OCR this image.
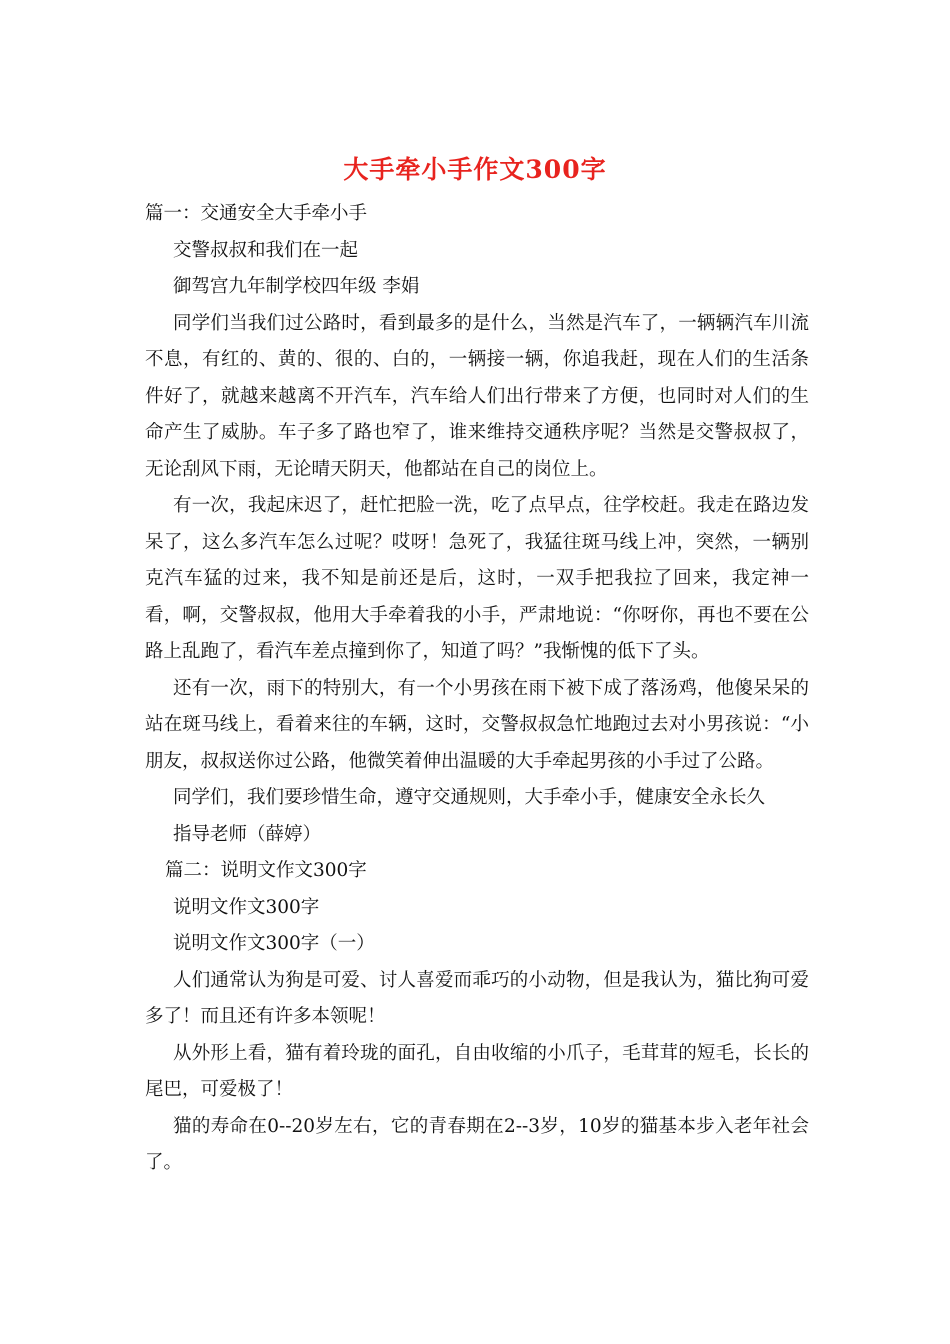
大手牵小手作文300字

篇一：交通安全大手牵小手

交警叔叔和我们在一起

御驾宫九年制学校四年级 李娟

同学们当我们过公路时，看到最多的是什么，当然是汽车了，一辆辆汽车川流不息，有红的、黄的、很的、白的，一辆接一辆，你追我赶，现在人们的生活条件好了，就越来越离不开汽车，汽车给人们出行带来了方便，也同时对人们的生命产生了威胁。车子多了路也窄了，谁来维持交通秩序呢？当然是交警叔叔了，无论刮风下雨，无论晴天阴天，他都站在自己的岗位上。

有一次，我起床迟了，赶忙把脸一洗，吃了点早点，往学校赶。我走在路边发呆了，这么多汽车怎么过呢？哎呀！急死了，我猛往斑马线上冲，突然，一辆别克汽车猛的过来，我不知是前还是后，这时，一双手把我拉了回来，我定神一看，啊，交警叔叔，他用大手牵着我的小手，严肃地说：“你呀你，再也不要在公路上乱跑了，看汽车差点撞到你了，知道了吗？”我惭愧的低下了头。

还有一次，雨下的特别大，有一个小男孩在雨下被下成了落汤鸡，他傻呆呆的站在斑马线上，看着来往的车辆，这时，交警叔叔急忙地跑过去对小男孩说：“小朋友，叔叔送你过公路，他微笑着伸出温暖的大手牵起男孩的小手过了公路。

同学们，我们要珍惜生命，遵守交通规则，大手牵小手，健康安全永长久

指导老师（薛婷）

篇二：说明文作文300字

说明文作文300字

说明文作文300字（一）

人们通常认为狗是可爱、讨人喜爱而乖巧的小动物，但是我认为，猫比狗可爱多了！而且还有许多本领呢！

从外形上看，猫有着玲珑的面孔，自由收缩的小爪子，毛茸茸的短毛，长长的尾巴，可爱极了！

猫的寿命在0--20岁左右，它的青春期在2--3岁，10岁的猫基本步入老年社会了。
